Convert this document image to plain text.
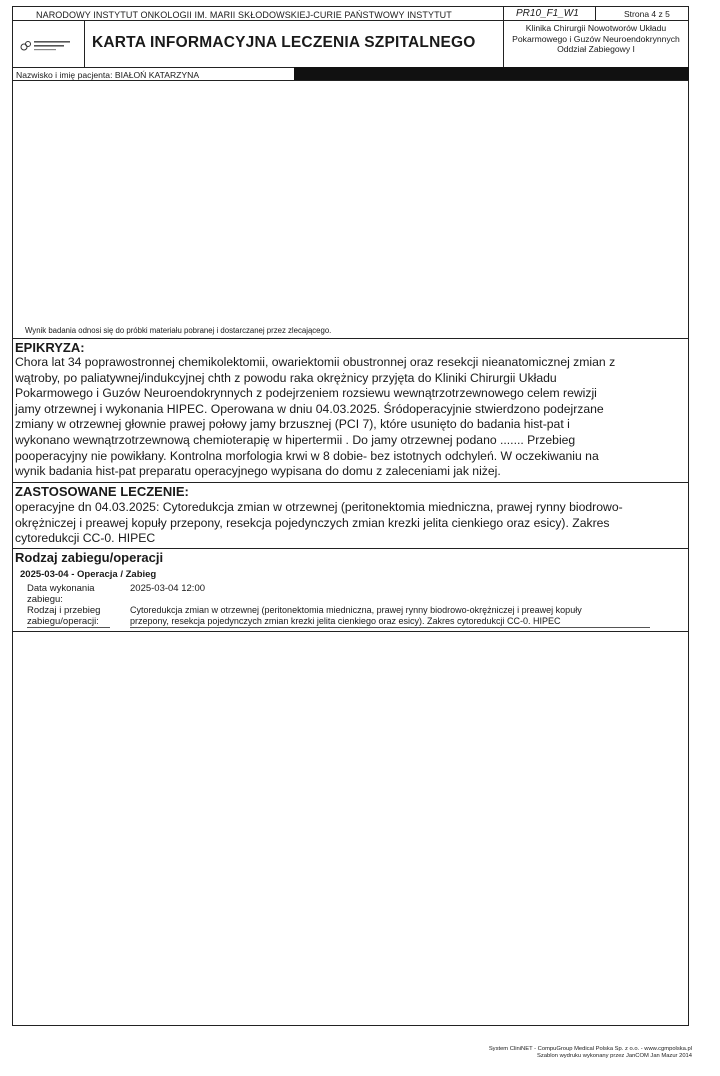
NARODOWY INSTYTUT ONKOLOGII IM. MARII SKŁODOWSKIEJ-CURIE PAŃSTWOWY INSTYTUT	PR10_F1_W1	Strona 4 z 5
KARTA INFORMACYJNA LECZENIA SZPITALNEGO
Klinika Chirurgii Nowotworów Układu
Pokarmowego i Guzów Neuroendokrynnych
Oddział Zabiegowy I
Nazwisko i imię pacjenta: BIAŁOŃ KATARZYNA
Wynik badania odnosi się do próbki materiału pobranej i dostarczanej przez zlecającego.
EPIKRYZA:
Chora lat 34 poprawostronnej chemikolektomii, owariektomii obustronnej oraz resekcji nieanatomicznej zmian z
wątroby, po paliatywnej/indukcyjnej chth z powodu raka okrężnicy przyjęta do Kliniki Chirurgii Układu
Pokarmowego i Guzów Neuroendokrynnych z podejrzeniem rozsiewu wewnątrzotrzewnowego celem rewizji
jamy otrzewnej i wykonania HIPEC. Operowana w dniu 04.03.2025. Śródoperacyjnie stwierdzono podejrzane
zmiany w otrzewnej głownie prawej połowy jamy brzusznej (PCI 7), które usunięto do badania hist-pat i
wykonano wewnątrzotrzewnową chemioterapię w hipertermii . Do jamy otrzewnej podano ....... Przebieg
pooperacyjny nie powikłany. Kontrolna morfologia krwi w 8 dobie- bez istotnych odchyleń. W oczekiwaniu na
wynik badania hist-pat preparatu operacyjnego wypisana do domu z zaleceniami jak niżej.
ZASTOSOWANE LECZENIE:
operacyjne dn 04.03.2025: Cytoredukcja zmian w otrzewnej (peritonektomia miedniczna, prawej rynny biodrowo-
okrężniczej i preawej kopuły przepony, resekcja pojedynczych zmian krezki jelita cienkiego oraz esicy). Zakres
cytoredukcji CC-0. HIPEC
Rodzaj zabiegu/operacji
2025-03-04 - Operacja / Zabieg
Data wykonania
zabiegu:
2025-03-04 12:00
Rodzaj i przebieg
zabiegu/operacji:
Cytoredukcja zmian w otrzewnej (peritonektomia miedniczna, prawej rynny biodrowo-okrężniczej i preawej kopuły
przepony, resekcja pojedynczych zmian krezki jelita cienkiego oraz esicy). Zakres cytoredukcji CC-0. HIPEC
System CliniNET - CompuGroup Medical Polska Sp. z o.o. - www.cgmpolska.pl
Szablon wydruku wykonany przez JanCOM Jan Mazur 2014
